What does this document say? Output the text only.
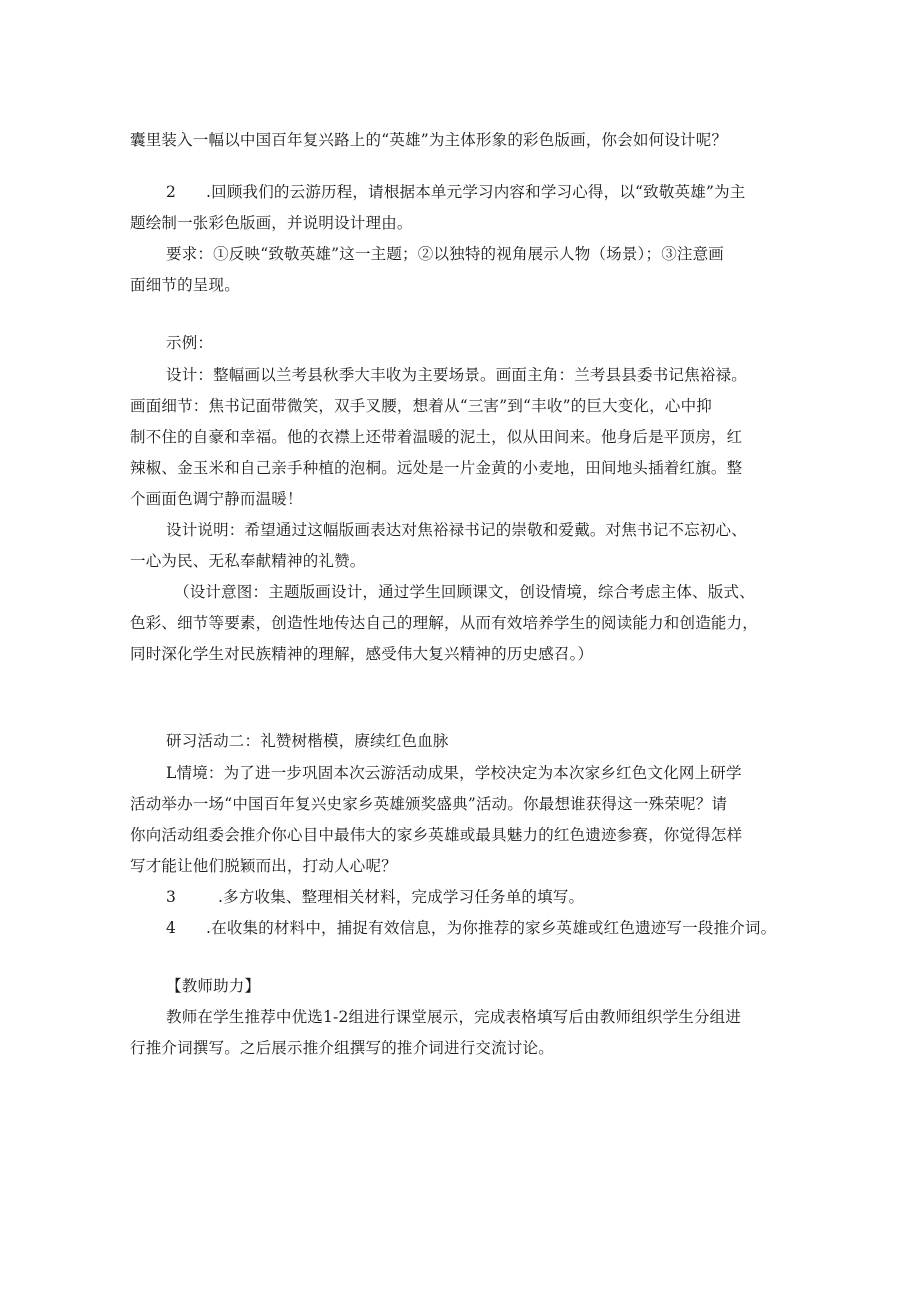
囊里装入一幅以中国百年复兴路上的“英雄”为主体形象的彩色版画，你会如何设计呢？
2 .回顾我们的云游历程，请根据本单元学习内容和学习心得，以“致敬英雄”为主
题绘制一张彩色版画，并说明设计理由。
要求：①反映“致敬英雄”这一主题；②以独特的视角展示人物（场景）；③注意画
面细节的呈现。
示例：
设计：整幅画以兰考县秋季大丰收为主要场景。画面主角：兰考县县委书记焦裕禄。
画面细节：焦书记面带微笑，双手叉腰，想着从“三害”到“丰收”的巨大变化，心中抑
制不住的自豪和幸福。他的衣襟上还带着温暖的泥土，似从田间来。他身后是平顶房，红
辣椒、金玉米和自己亲手种植的泡桐。远处是一片金黄的小麦地，田间地头插着红旗。整
个画面色调宁静而温暖！
设计说明：希望通过这幅版画表达对焦裕禄书记的崇敬和爱戴。对焦书记不忘初心、
一心为民、无私奉献精神的礼赞。
（设计意图：主题版画设计，通过学生回顾课文，创设情境，综合考虑主体、版式、
色彩、细节等要素，创造性地传达自己的理解，从而有效培养学生的阅读能力和创造能力，
同时深化学生对民族精神的理解，感受伟大复兴精神的历史感召。）
研习活动二：礼赞树楷模，赓续红色血脉
L情境：为了进一步巩固本次云游活动成果，学校决定为本次家乡红色文化网上研学
活动举办一场“中国百年复兴史家乡英雄颁奖盛典”活动。你最想谁获得这一殊荣呢？请
你向活动组委会推介你心目中最伟大的家乡英雄或最具魅力的红色遗迹参赛，你觉得怎样
写才能让他们脱颖而出，打动人心呢？
3	.多方收集、整理相关材料，完成学习任务单的填写。
4 .在收集的材料中，捕捉有效信息，为你推荐的家乡英雄或红色遗迹写一段推介词。
【教师助力】
教师在学生推荐中优选1-2组进行课堂展示，完成表格填写后由教师组织学生分组进
行推介词撰写。之后展示推介组撰写的推介词进行交流讨论。
